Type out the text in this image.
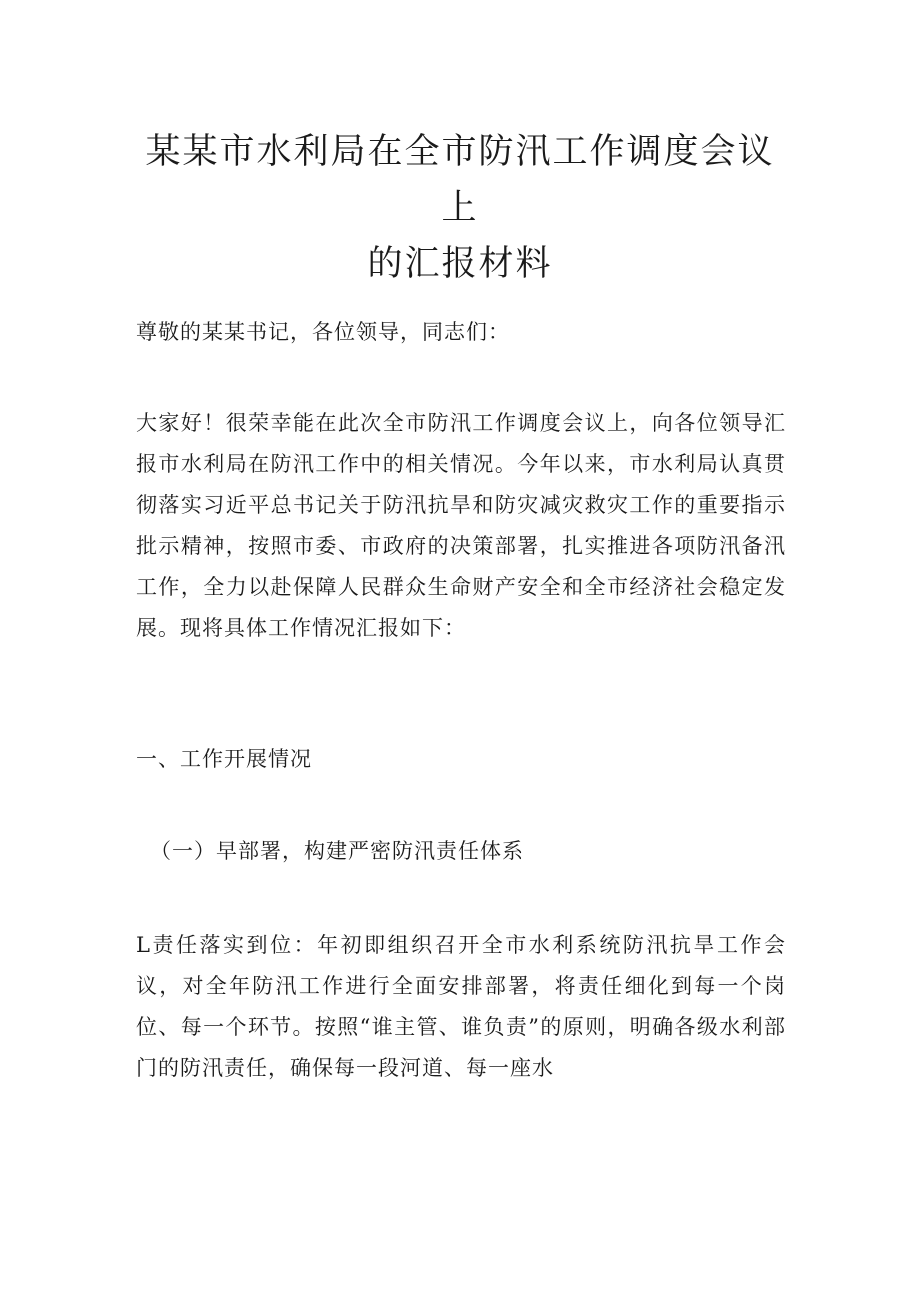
某某市水利局在全市防汛工作调度会议上
的汇报材料

尊敬的某某书记，各位领导，同志们：

大家好！很荣幸能在此次全市防汛工作调度会议上，向各位领导汇报市水利局在防汛工作中的相关情况。今年以来，市水利局认真贯彻落实习近平总书记关于防汛抗旱和防灾减灾救灾工作的重要指示批示精神，按照市委、市政府的决策部署，扎实推进各项防汛备汛工作，全力以赴保障人民群众生命财产安全和全市经济社会稳定发展。现将具体工作情况汇报如下：

一、工作开展情况

（一）早部署，构建严密防汛责任体系

L责任落实到位：年初即组织召开全市水利系统防汛抗旱工作会议，对全年防汛工作进行全面安排部署，将责任细化到每一个岗位、每一个环节。按照“谁主管、谁负责”的原则，明确各级水利部门的防汛责任，确保每一段河道、每一座水
